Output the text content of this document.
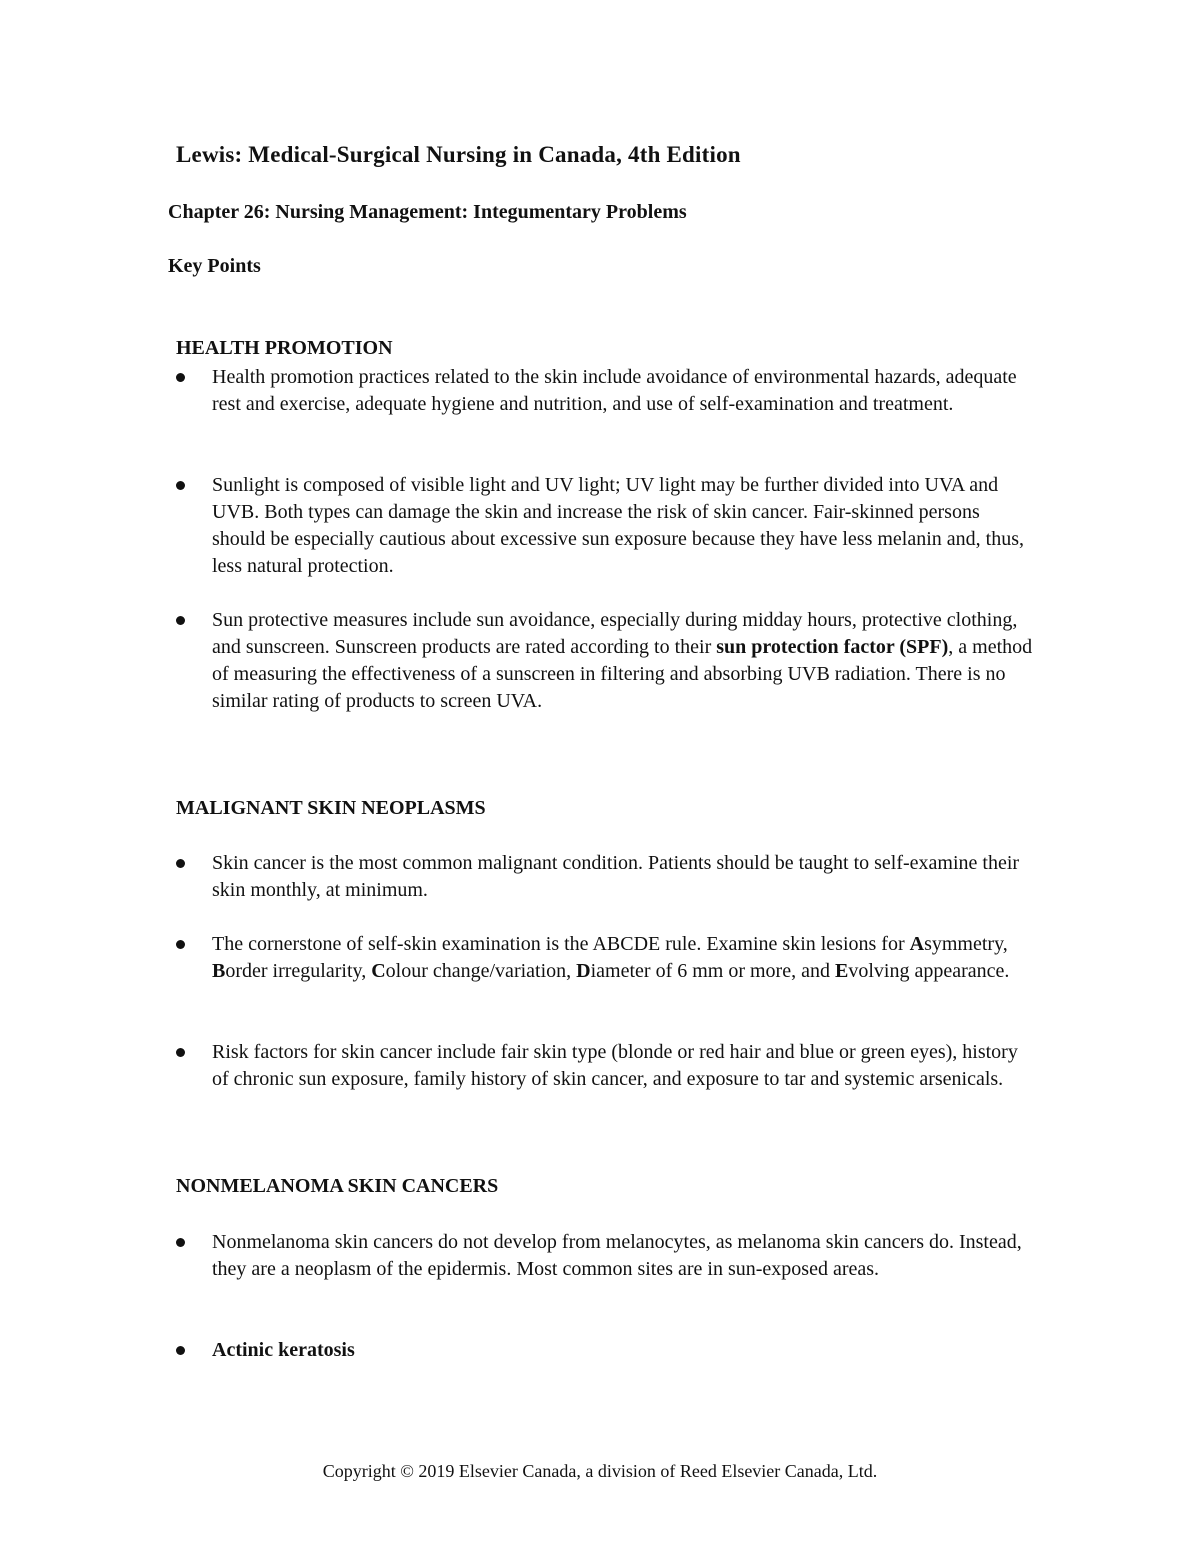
Lewis: Medical-Surgical Nursing in Canada, 4th Edition
Chapter 26: Nursing Management: Integumentary Problems
Key Points
HEALTH PROMOTION
Health promotion practices related to the skin include avoidance of environmental hazards, adequate rest and exercise, adequate hygiene and nutrition, and use of self-examination and treatment.
Sunlight is composed of visible light and UV light; UV light may be further divided into UVA and UVB. Both types can damage the skin and increase the risk of skin cancer. Fair-skinned persons should be especially cautious about excessive sun exposure because they have less melanin and, thus, less natural protection.
Sun protective measures include sun avoidance, especially during midday hours, protective clothing, and sunscreen. Sunscreen products are rated according to their sun protection factor (SPF), a method of measuring the effectiveness of a sunscreen in filtering and absorbing UVB radiation. There is no similar rating of products to screen UVA.
MALIGNANT SKIN NEOPLASMS
Skin cancer is the most common malignant condition. Patients should be taught to self-examine their skin monthly, at minimum.
The cornerstone of self-skin examination is the ABCDE rule. Examine skin lesions for Asymmetry, Border irregularity, Colour change/variation, Diameter of 6 mm or more, and Evolving appearance.
Risk factors for skin cancer include fair skin type (blonde or red hair and blue or green eyes), history of chronic sun exposure, family history of skin cancer, and exposure to tar and systemic arsenicals.
NONMELANOMA SKIN CANCERS
Nonmelanoma skin cancers do not develop from melanocytes, as melanoma skin cancers do. Instead, they are a neoplasm of the epidermis. Most common sites are in sun-exposed areas.
Actinic keratosis
Copyright © 2019 Elsevier Canada, a division of Reed Elsevier Canada, Ltd.
